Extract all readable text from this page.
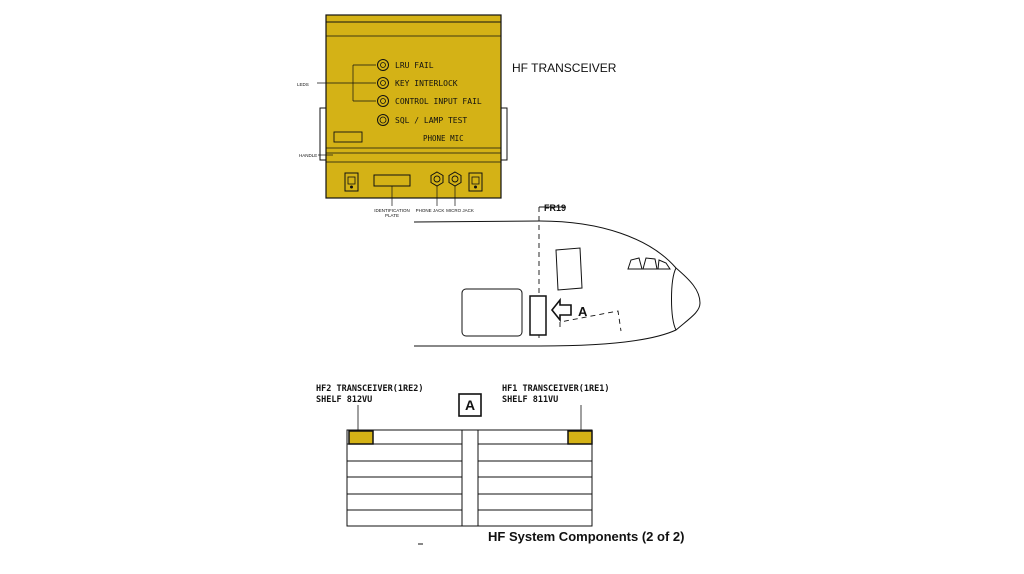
LRU FAIL
KEY INTERLOCK
CONTROL INPUT FAIL
SQL / LAMP TEST
LEDS
HANDLE
PHONE MIC
IDENTIFICATION
PLATE
PHONE JACK MICRO JACK
HF TRANSCEIVER
FR19
A
A
HF2 TRANSCEIVER(1RE2)
SHELF 812VU
HF1 TRANSCEIVER(1RE1)
SHELF 811VU
HF System Components (2 of 2)
